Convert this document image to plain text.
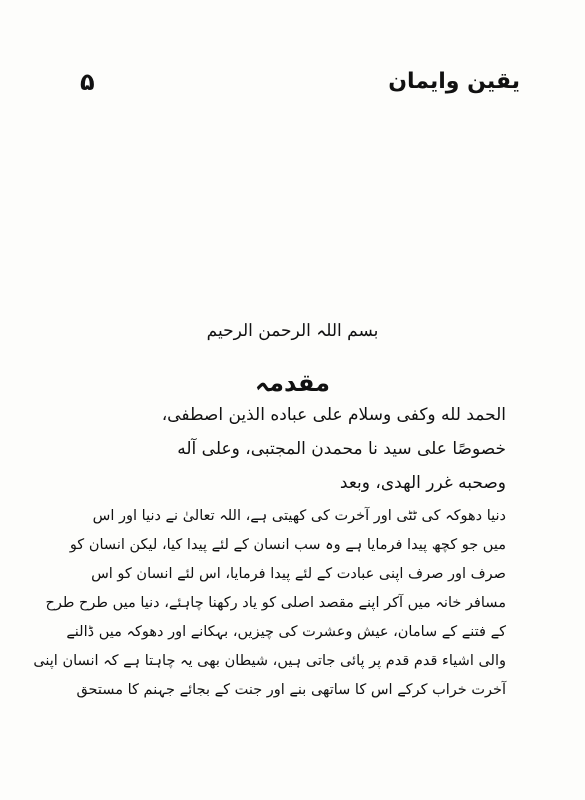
یقین وایمان
۵
بسم اللہ الرحمن الرحیم
مقدمہ
الحمد لله وكفى وسلام على عباده الذين اصطفى،
خصوصًا على سيد نا محمدن المجتبى، وعلى آله
وصحبه غرر الهدى، وبعد
دنیا دھوکہ کی ٹٹی اور آخرت کی کھیتی ہے، اللہ تعالیٰ نے دنیا اور اس
میں جو کچھ پیدا فرمایا ہے وہ سب انسان کے لئے پیدا کیا، لیکن انسان کو
صرف اور صرف اپنی عبادت کے لئے پیدا فرمایا، اس لئے انسان کو اس
مسافر خانہ میں آکر اپنے مقصد اصلی کو یاد رکھنا چاہئے، دنیا میں طرح طرح
کے فتنے کے سامان، عیش وعشرت کی چیزیں، بہکانے اور دھوکہ میں ڈالنے
والی اشیاء قدم قدم پر پائی جاتی ہیں، شیطان بھی یہ چاہتا ہے کہ انسان اپنی
آخرت خراب کرکے اس کا ساتھی بنے اور جنت کے بجائے جہنم کا مستحق
